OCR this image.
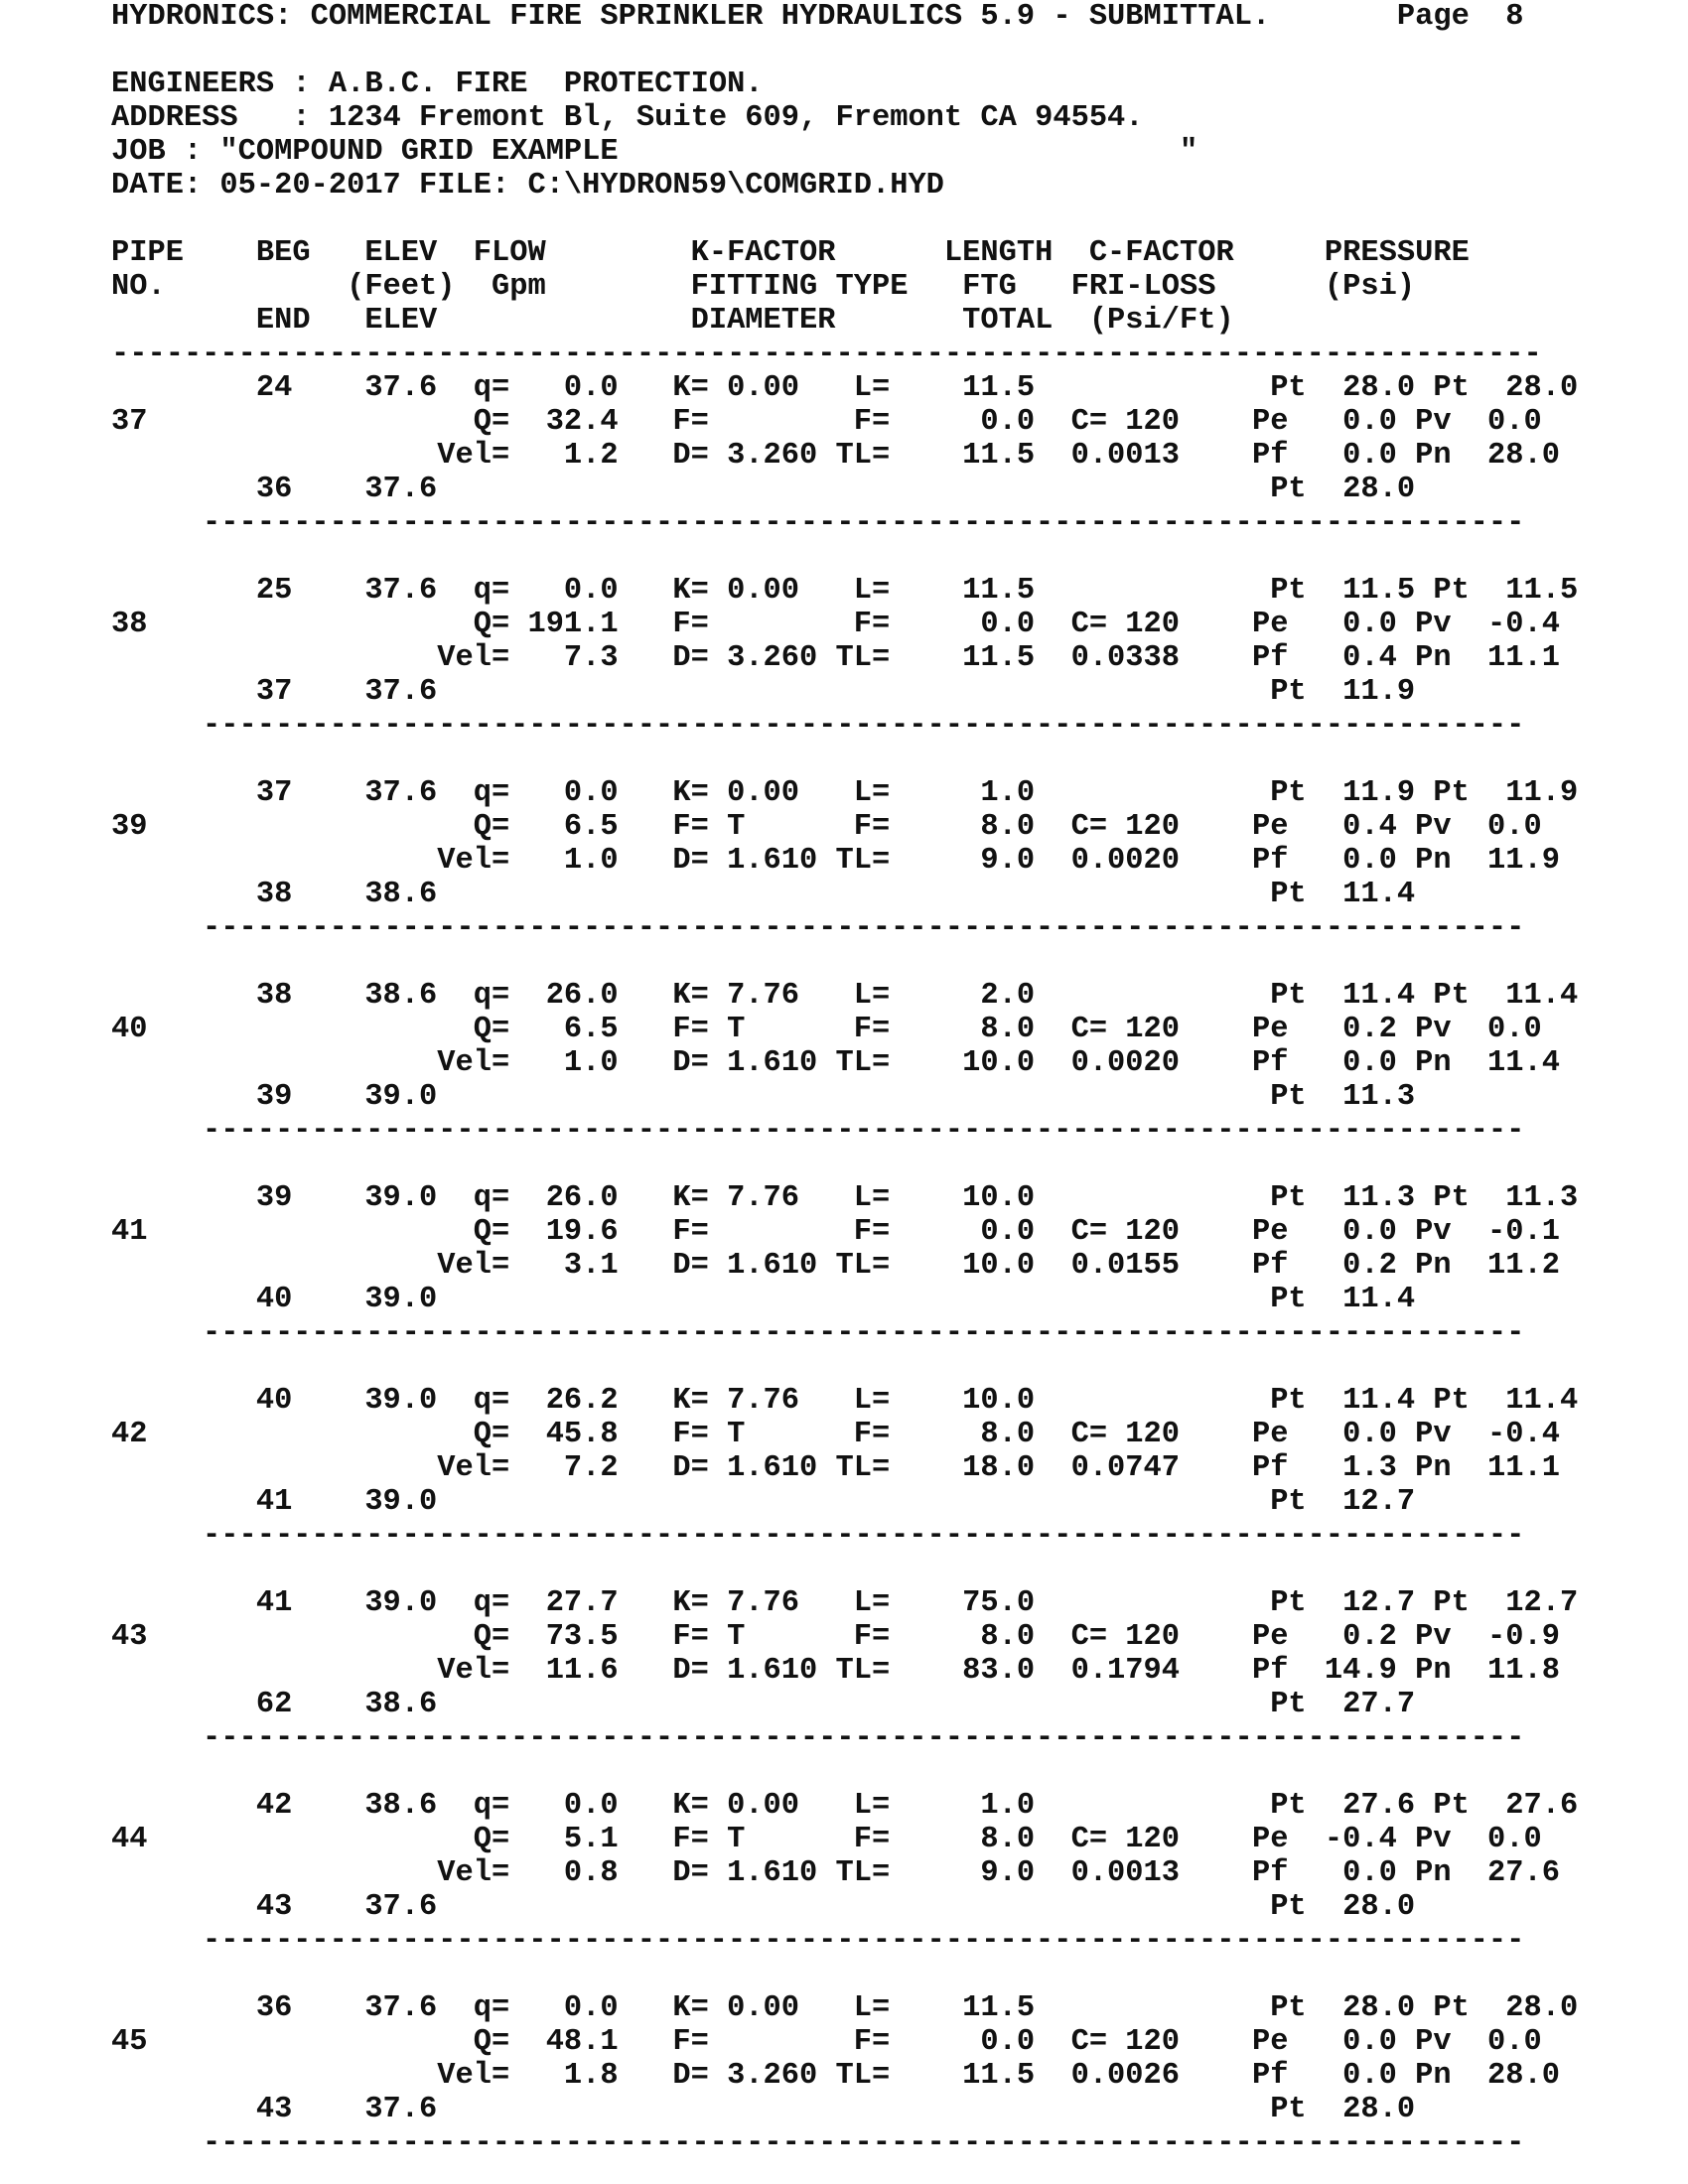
HYDRONICS: COMMERCIAL FIRE SPRINKLER HYDRAULICS 5.9 - SUBMITTAL.       Page  8
ENGINEERS : A.B.C. FIRE  PROTECTION.
ADDRESS   : 1234 Fremont Bl, Suite 609, Fremont CA 94554.
JOB : "COMPOUND GRID EXAMPLE                               "
DATE: 05-20-2017 FILE: C:\HYDRON59\COMGRID.HYD
PIPE    BEG   ELEV  FLOW        K-FACTOR      LENGTH  C-FACTOR     PRESSURE
NO.          (Feet)  Gpm        FITTING TYPE   FTG   FRI-LOSS      (Psi)
END   ELEV              DIAMETER       TOTAL  (Psi/Ft)
-------------------------------------------------------------------------------
24    37.6  q=   0.0   K= 0.00   L=    11.5             Pt  28.0 Pt  28.0
37                  Q=  32.4   F=        F=     0.0  C= 120    Pe   0.0 Pv  0.0
Vel=   1.2   D= 3.260 TL=    11.5  0.0013    Pf   0.0 Pn  28.0
36    37.6                                              Pt  28.0
-------------------------------------------------------------------------
25    37.6  q=   0.0   K= 0.00   L=    11.5             Pt  11.5 Pt  11.5
38                  Q= 191.1   F=        F=     0.0  C= 120    Pe   0.0 Pv  -0.4
Vel=   7.3   D= 3.260 TL=    11.5  0.0338    Pf   0.4 Pn  11.1
37    37.6                                              Pt  11.9
-------------------------------------------------------------------------
37    37.6  q=   0.0   K= 0.00   L=     1.0             Pt  11.9 Pt  11.9
39                  Q=   6.5   F= T      F=     8.0  C= 120    Pe   0.4 Pv  0.0
Vel=   1.0   D= 1.610 TL=     9.0  0.0020    Pf   0.0 Pn  11.9
38    38.6                                              Pt  11.4
-------------------------------------------------------------------------
38    38.6  q=  26.0   K= 7.76   L=     2.0             Pt  11.4 Pt  11.4
40                  Q=   6.5   F= T      F=     8.0  C= 120    Pe   0.2 Pv  0.0
Vel=   1.0   D= 1.610 TL=    10.0  0.0020    Pf   0.0 Pn  11.4
39    39.0                                              Pt  11.3
-------------------------------------------------------------------------
39    39.0  q=  26.0   K= 7.76   L=    10.0             Pt  11.3 Pt  11.3
41                  Q=  19.6   F=        F=     0.0  C= 120    Pe   0.0 Pv  -0.1
Vel=   3.1   D= 1.610 TL=    10.0  0.0155    Pf   0.2 Pn  11.2
40    39.0                                              Pt  11.4
-------------------------------------------------------------------------
40    39.0  q=  26.2   K= 7.76   L=    10.0             Pt  11.4 Pt  11.4
42                  Q=  45.8   F= T      F=     8.0  C= 120    Pe   0.0 Pv  -0.4
Vel=   7.2   D= 1.610 TL=    18.0  0.0747    Pf   1.3 Pn  11.1
41    39.0                                              Pt  12.7
-------------------------------------------------------------------------
41    39.0  q=  27.7   K= 7.76   L=    75.0             Pt  12.7 Pt  12.7
43                  Q=  73.5   F= T      F=     8.0  C= 120    Pe   0.2 Pv  -0.9
Vel=  11.6   D= 1.610 TL=    83.0  0.1794    Pf  14.9 Pn  11.8
62    38.6                                              Pt  27.7
-------------------------------------------------------------------------
42    38.6  q=   0.0   K= 0.00   L=     1.0             Pt  27.6 Pt  27.6
44                  Q=   5.1   F= T      F=     8.0  C= 120    Pe  -0.4 Pv  0.0
Vel=   0.8   D= 1.610 TL=     9.0  0.0013    Pf   0.0 Pn  27.6
43    37.6                                              Pt  28.0
-------------------------------------------------------------------------
36    37.6  q=   0.0   K= 0.00   L=    11.5             Pt  28.0 Pt  28.0
45                  Q=  48.1   F=        F=     0.0  C= 120    Pe   0.0 Pv  0.0
Vel=   1.8   D= 3.260 TL=    11.5  0.0026    Pf   0.0 Pn  28.0
43    37.6                                              Pt  28.0
-------------------------------------------------------------------------
